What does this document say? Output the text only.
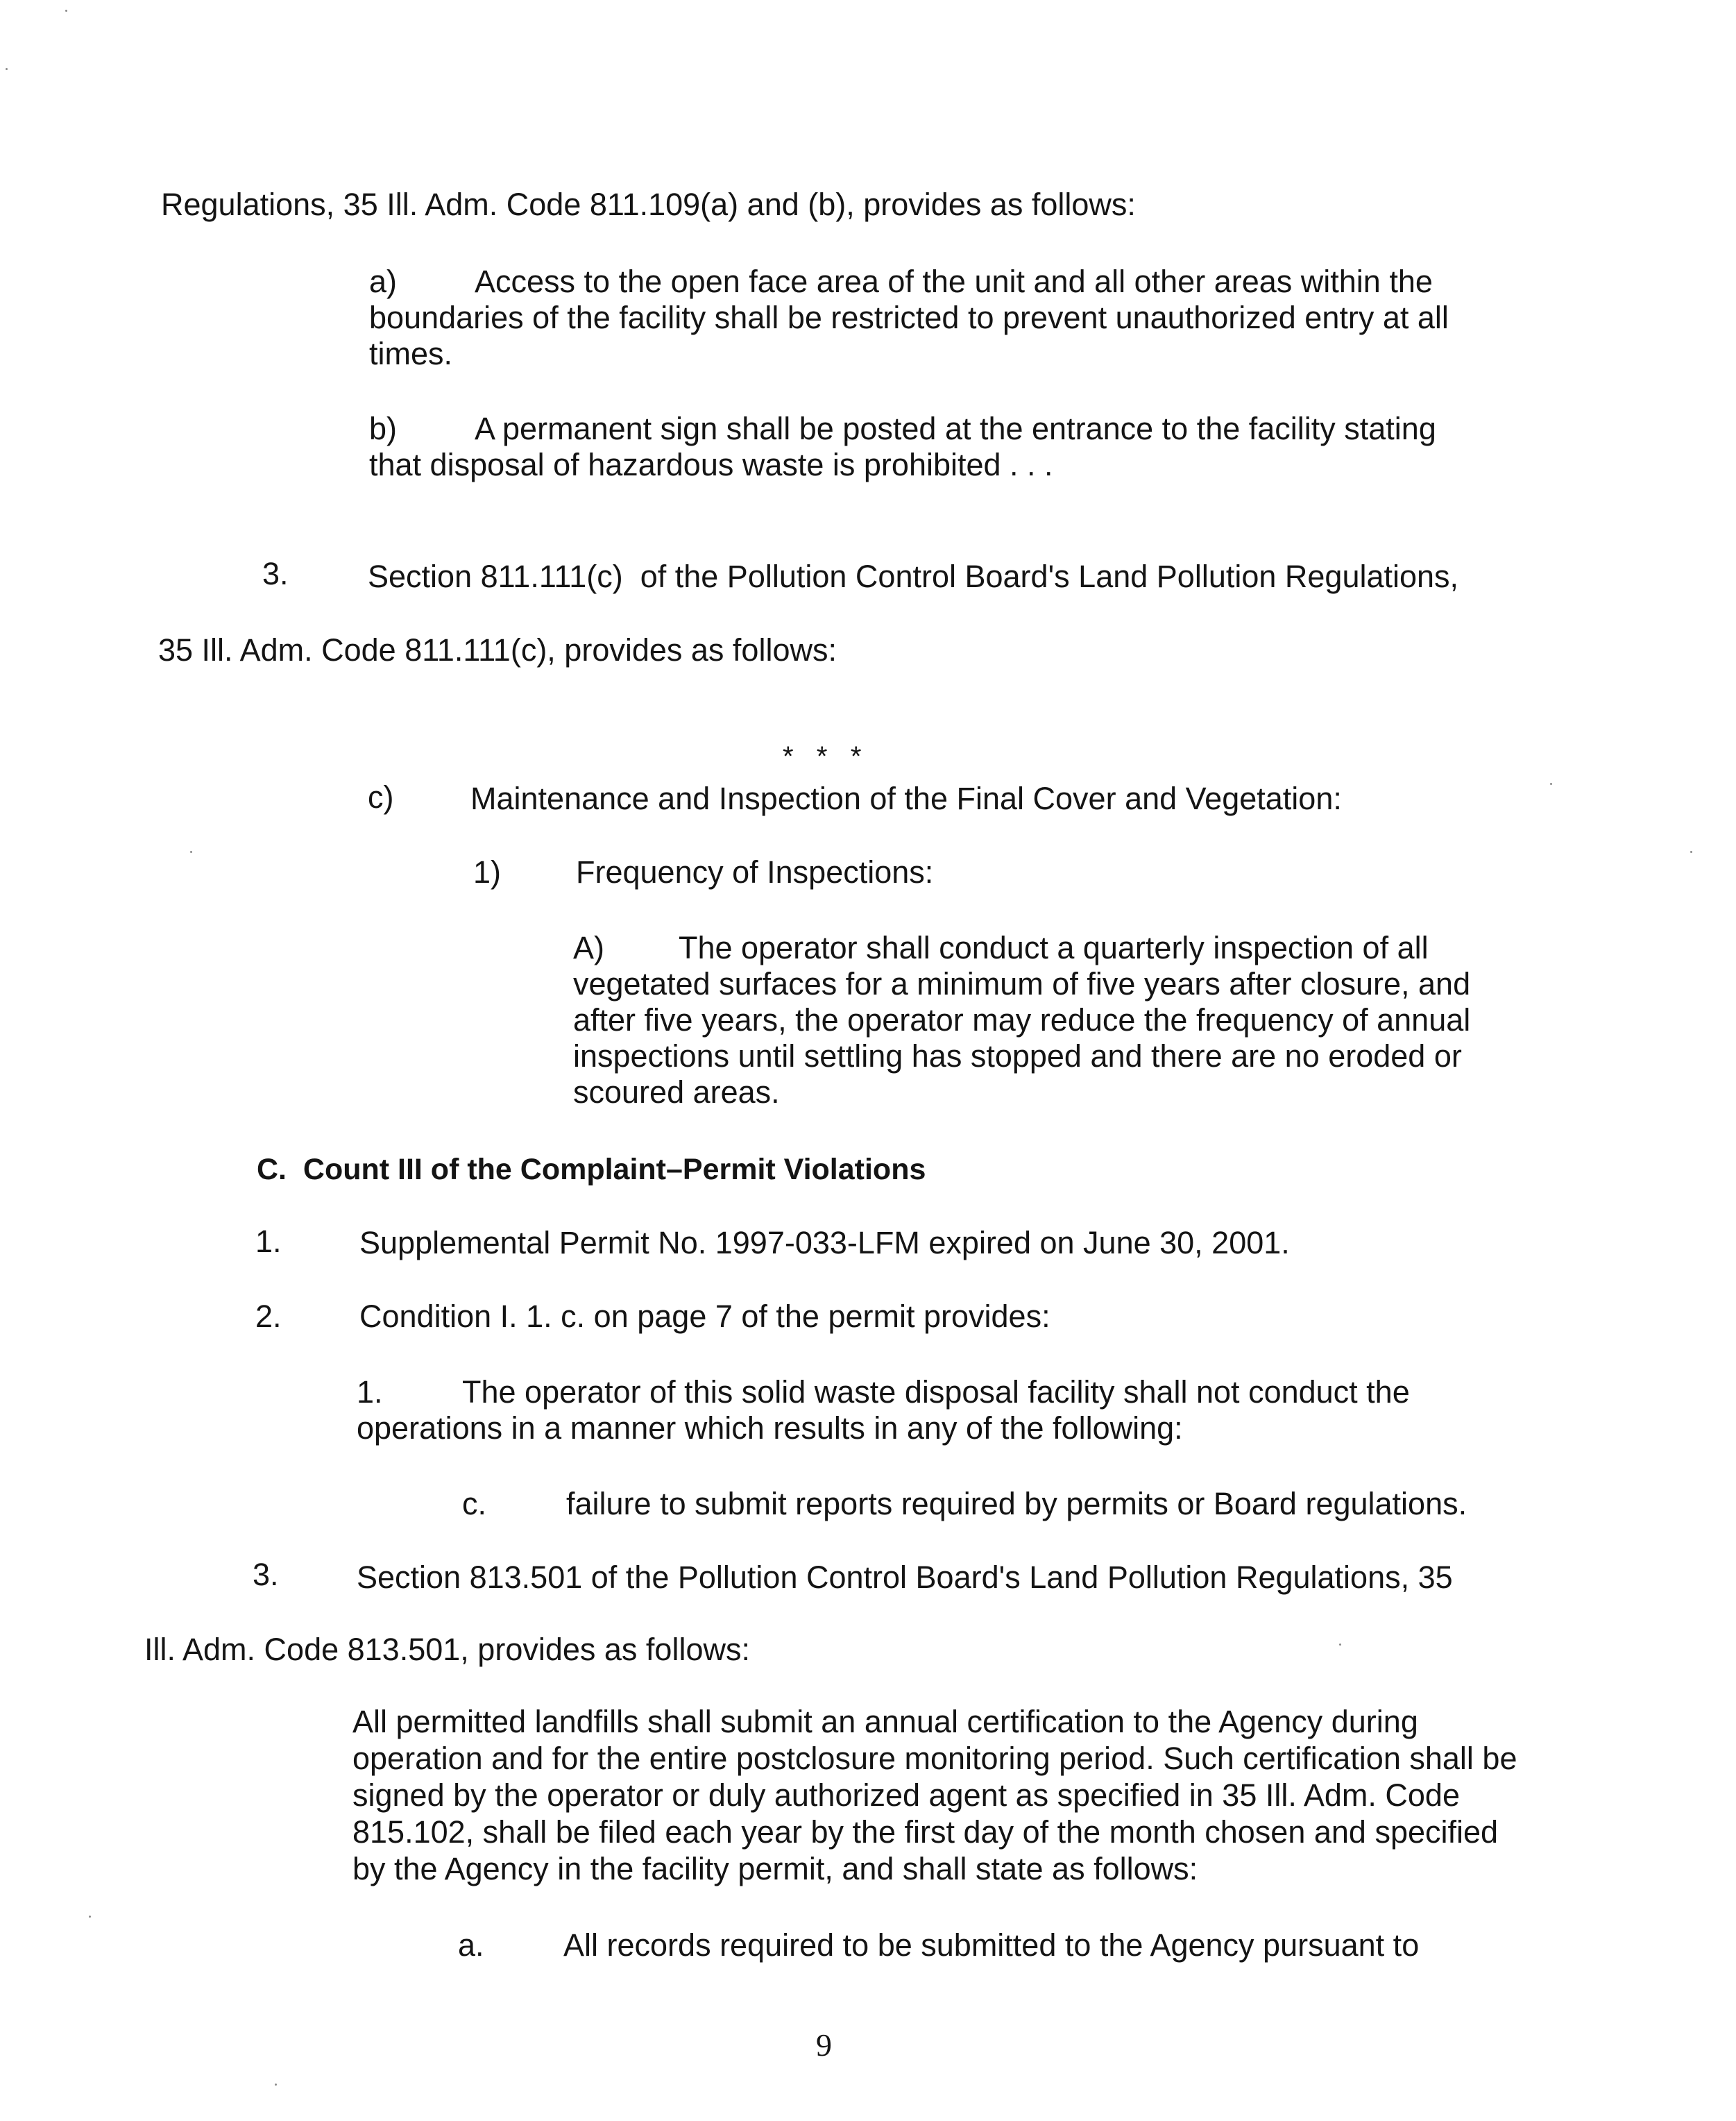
Regulations, 35 Ill. Adm. Code 811.109(a) and (b), provides as follows:
a) Access to the open face area of the unit and all other areas within the boundaries of the facility shall be restricted to prevent unauthorized entry at all times.
b) A permanent sign shall be posted at the entrance to the facility stating that disposal of hazardous waste is prohibited . . .
3.	Section 811.111(c)  of the Pollution Control Board's Land Pollution Regulations,
35 Ill. Adm. Code 811.111(c), provides as follows:
*   *   *
c) Maintenance and Inspection of the Final Cover and Vegetation:
1) Frequency of Inspections:
A) The operator shall conduct a quarterly inspection of all vegetated surfaces for a minimum of five years after closure, and after five years, the operator may reduce the frequency of annual inspections until settling has stopped and there are no eroded or scoured areas.
C.  Count III of the Complaint–Permit Violations
1. Supplemental Permit No. 1997-033-LFM expired on June 30, 2001.
2. Condition I. 1. c. on page 7 of the permit provides:
1.	The operator of this solid waste disposal facility shall not conduct the operations in a manner which results in any of the following:
c.	failure to submit reports required by permits or Board regulations.
3. Section 813.501 of the Pollution Control Board's Land Pollution Regulations, 35
Ill. Adm. Code 813.501, provides as follows:
All permitted landfills shall submit an annual certification to the Agency during operation and for the entire postclosure monitoring period. Such certification shall be signed by the operator or duly authorized agent as specified in 35 Ill. Adm. Code 815.102, shall be filed each year by the first day of the month chosen and specified by the Agency in the facility permit, and shall state as follows:
a.	All records required to be submitted to the Agency pursuant to
9
